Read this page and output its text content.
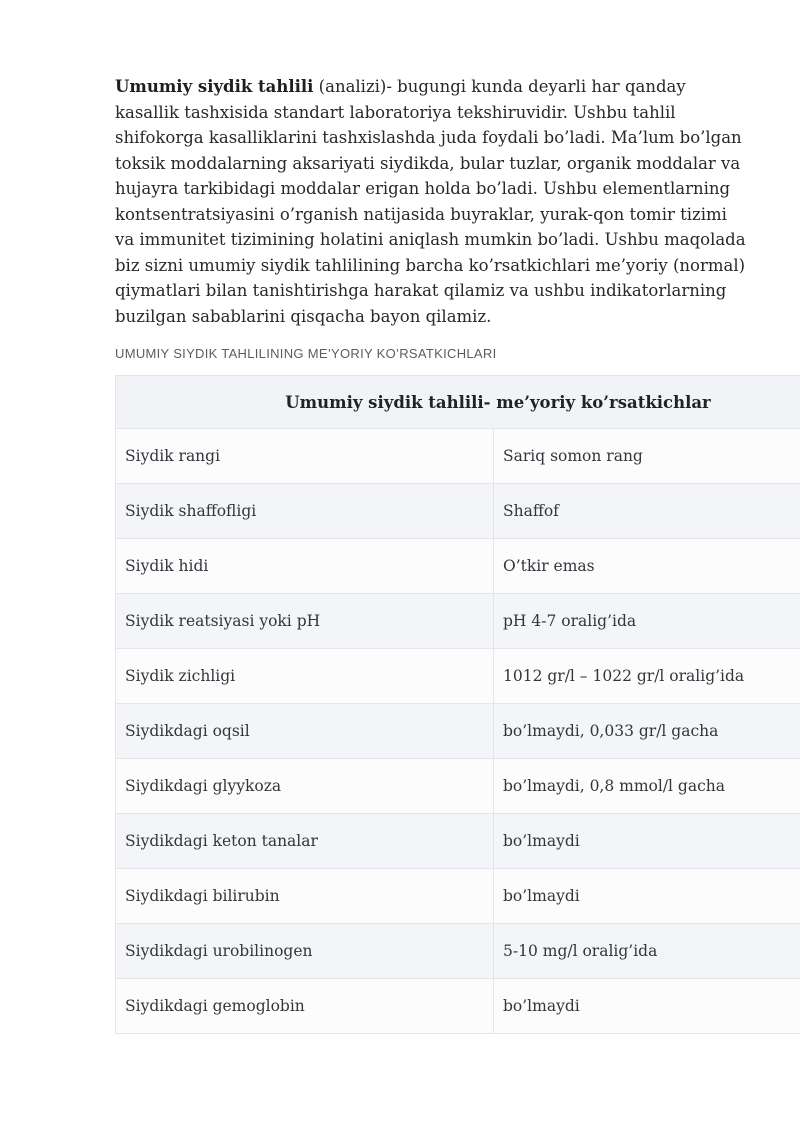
Umumiy siydik tahlili (analizi)- bugungi kunda deyarli har qanday kasallik tashxisida standart laboratoriya tekshiruvidir. Ushbu tahlil shifokorga kasalliklarini tashxislashda juda foydali bo’ladi. Ma’lum bo’lgan toksik moddalarning aksariyati siydikda, bular tuzlar, organik moddalar va hujayra tarkibidagi moddalar erigan holda bo’ladi. Ushbu elementlarning kontsentratsiyasini o’rganish natijasida buyraklar, yurak-qon tomir tizimi va immunitet tizimining holatini aniqlash mumkin bo’ladi. Ushbu maqolada biz sizni umumiy siydik tahlilining barcha ko’rsatkichlari me’yoriy (normal) qiymatlari bilan tanishtirishga harakat qilamiz va ushbu indikatorlarning buzilgan sabablarini qisqacha bayon qilamiz.

UMUMIY SIYDIK TAHLILINING ME’YORIY KO’RSATKICHLARI
Umumiy siydik tahlili- me’yoriy ko’rsatkichlar	
Siydik rangi	Sariq somon rang
Siydik shaffofligi	Shaffof
Siydik hidi	O’tkir emas
Siydik reatsiyasi yoki pH	pH 4-7 oralig’ida
Siydik zichligi	1012 gr/l – 1022 gr/l oralig’ida
Siydikdagi oqsil	bo’lmaydi, 0,033 gr/l gacha
Siydikdagi glyykoza	bo’lmaydi, 0,8 mmol/l gacha
Siydikdagi keton tanalar	bo’lmaydi
Siydikdagi bilirubin	bo’lmaydi
Siydikdagi urobilinogen	5-10 mg/l oralig’ida
Siydikdagi gemoglobin	bo’lmaydi
